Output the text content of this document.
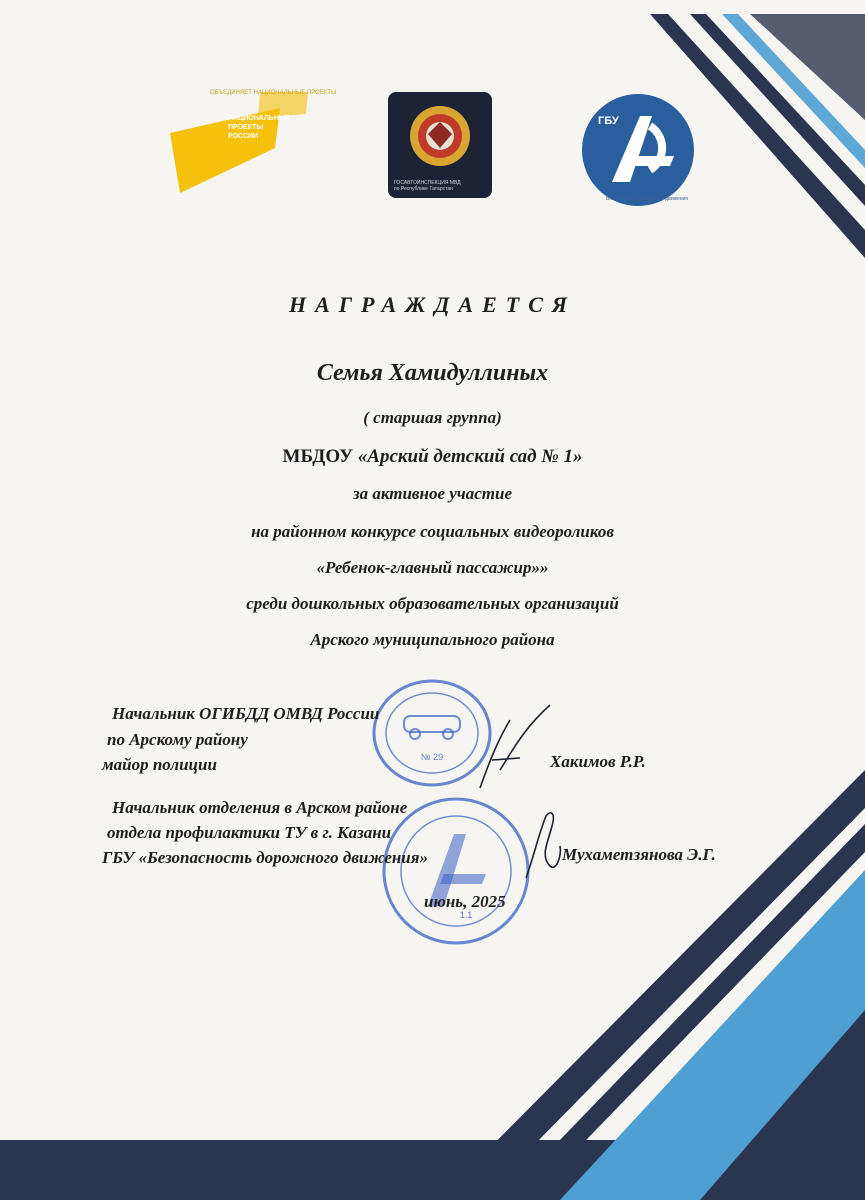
ОБЪЕДИНЯЕТ НАЦИОНАЛЬНЫЕ ПРОЕКТЫ
НАЦИОНАЛЬНЫЕ
ПРОЕКТЫ
РОССИИ
ГОСАВТОИНСПЕКЦИЯ МВД
по Республике Татарстан
ГБУ
Безопасность дорожного движения
НАГРАЖДАЕТСЯ
Семья Хамидуллиных
( старшая группа)
МБДОУ «Арский детский сад № 1»
за активное участие
на районном конкурсе социальных видеороликов
«Ребенок-главный пассажир»»
среди дошкольных образовательных организаций
Арского муниципального района
№ 29
Начальник ОГИБДД ОМВД России
по Арскому району
майор полиции	Хакимов Р.Р.
1.1
Начальник отделения в Арском районе
отдела профилактики ТУ в г. Казани
ГБУ «Безопасность дорожного движения»	Мухаметзянова Э.Г.
июнь, 2025
